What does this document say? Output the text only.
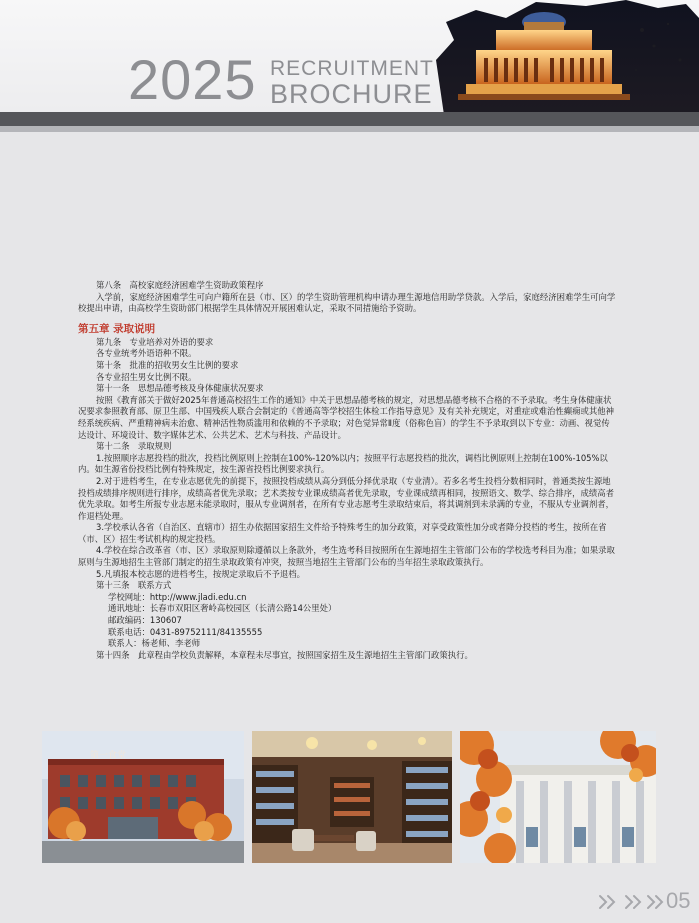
2025 RECRUITMENT
BROCHURE

第八条　高校家庭经济困难学生资助政策程序

入学前，家庭经济困难学生可向户籍所在县（市、区）的学生资助管理机构申请办理生源地信用助学贷款。入学后，家庭经济困难学生可向学校提出申请，由高校学生资助部门根据学生具体情况开展困难认定，采取不同措施给予资助。

第五章 录取说明

第九条　专业培养对外语的要求

各专业统考外语语种不限。

第十条　批准的招收男女生比例的要求

各专业招生男女比例不限。

第十一条　思想品德考核及身体健康状况要求

按照《教育部关于做好2025年普通高校招生工作的通知》中关于思想品德考核的规定，对思想品德考核不合格的不予录取。考生身体健康状况要求参照教育部、原卫生部、中国残疾人联合会制定的《普通高等学校招生体检工作指导意见》及有关补充规定，对重症或难治性癫痫或其他神经系统疾病、严重精神病未治愈、精神活性物质滥用和依赖的不予录取；对色觉异常Ⅱ度（俗称色盲）的学生不予录取到以下专业：动画、视觉传达设计、环境设计、数字媒体艺术、公共艺术、艺术与科技、产品设计。

第十二条　录取规则

1.按照顺序志愿投档的批次，投档比例原则上控制在100%-120%以内；按照平行志愿投档的批次，调档比例原则上控制在100%-105%以内。如生源省份投档比例有特殊规定，按生源省投档比例要求执行。

2.对于进档考生，在专业志愿优先的前提下，按照投档成绩从高分到低分择优录取（专业清）。若多名考生投档分数相同时，普通类按生源地投档成绩排序规则进行排序，成绩高者优先录取；艺术类按专业课成绩高者优先录取，专业课成绩再相同，按照语文、数学、综合排序，成绩高者优先录取。如考生所报专业志愿未能录取时，服从专业调剂者，在所有专业志愿考生录取结束后，将其调剂到未录满的专业，不服从专业调剂者，作退档处理。

3.学校承认各省（自治区、直辖市）招生办依据国家招生文件给予特殊考生的加分政策，对享受政策性加分或者降分投档的考生，按所在省（市、区）招生考试机构的规定投档。

4.学校在综合改革省（市、区）录取原则除遵循以上条款外，考生选考科目按照所在生源地招生主管部门公布的学校选考科目为准；如果录取原则与生源地招生主管部门制定的招生录取政策有冲突，按照当地招生主管部门公布的当年招生录取政策执行。

5.凡填报本校志愿的进档考生，按规定录取后不予退档。

第十三条　联系方式

学校网址：http://www.jladi.edu.cn

通讯地址：长春市双阳区奢岭高校园区（长清公路14公里处）

邮政编码：130607

联系电话：0431-89752111/84135555

联系人：杨老师、李老师

第十四条　此章程由学校负责解释，本章程未尽事宜，按照国家招生及生源地招生主管部门政策执行。

第一食堂
05
